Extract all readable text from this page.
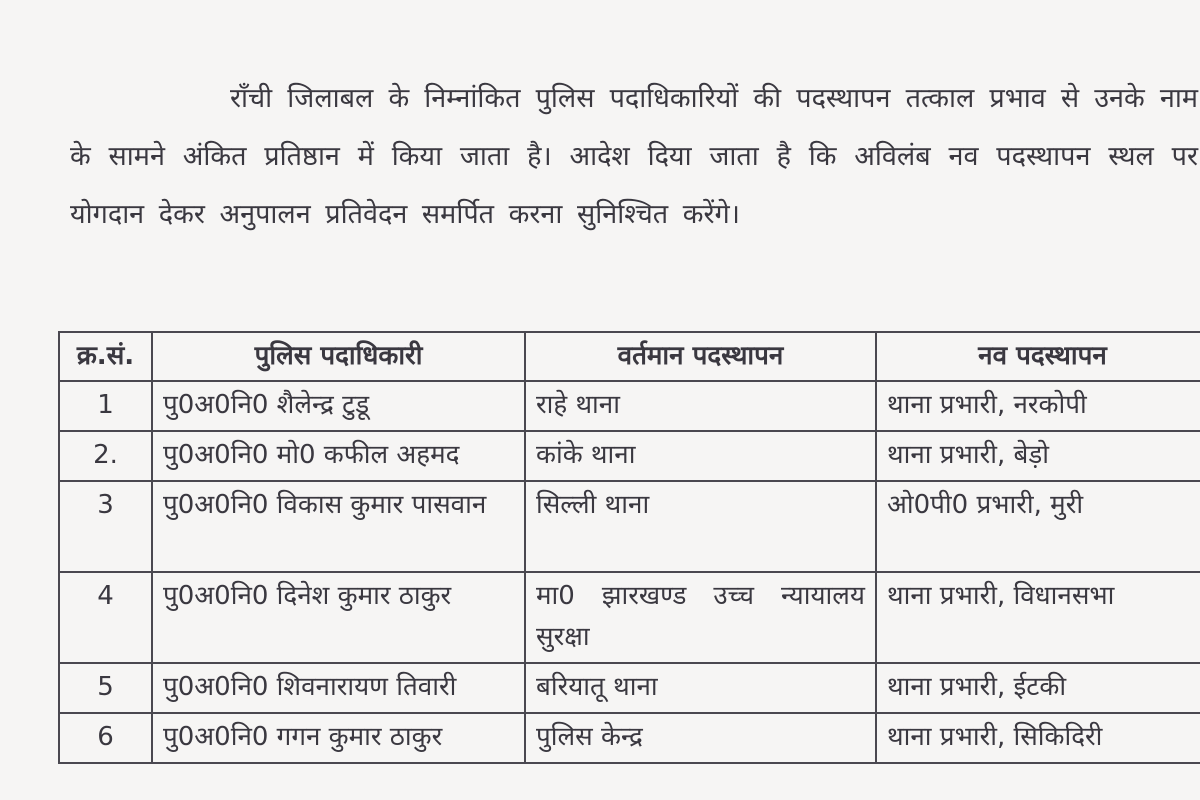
राँची जिलाबल के निम्नांकित पुलिस पदाधिकारियों की पदस्थापन तत्काल प्रभाव से उनके नाम के सामने अंकित प्रतिष्ठान में किया जाता है। आदेश दिया जाता है कि अविलंब नव पदस्थापन स्थल पर योगदान देकर अनुपालन प्रतिवेदन समर्पित करना सुनिश्चित करेंगे।

क्र.सं.	पुलिस पदाधिकारी	वर्तमान पदस्थापन	नव पदस्थापन
1	पु0अ0नि0 शैलेन्द्र टुडू	राहे थाना	थाना प्रभारी, नरकोपी
2.	पु0अ0नि0 मो0 कफील अहमद	कांके थाना	थाना प्रभारी, बेड़ो
3	पु0अ0नि0 विकास कुमार पासवान	सिल्ली थाना	ओ0पी0 प्रभारी, मुरी
4	पु0अ0नि0 दिनेश कुमार ठाकुर	मा0 झारखण्ड उच्च न्यायालय सुरक्षा	थाना प्रभारी, विधानसभा
5	पु0अ0नि0 शिवनारायण तिवारी	बरियातू थाना	थाना प्रभारी, ईटकी
6	पु0अ0नि0 गगन कुमार ठाकुर	पुलिस केन्द्र	थाना प्रभारी, सिकिदिरी
